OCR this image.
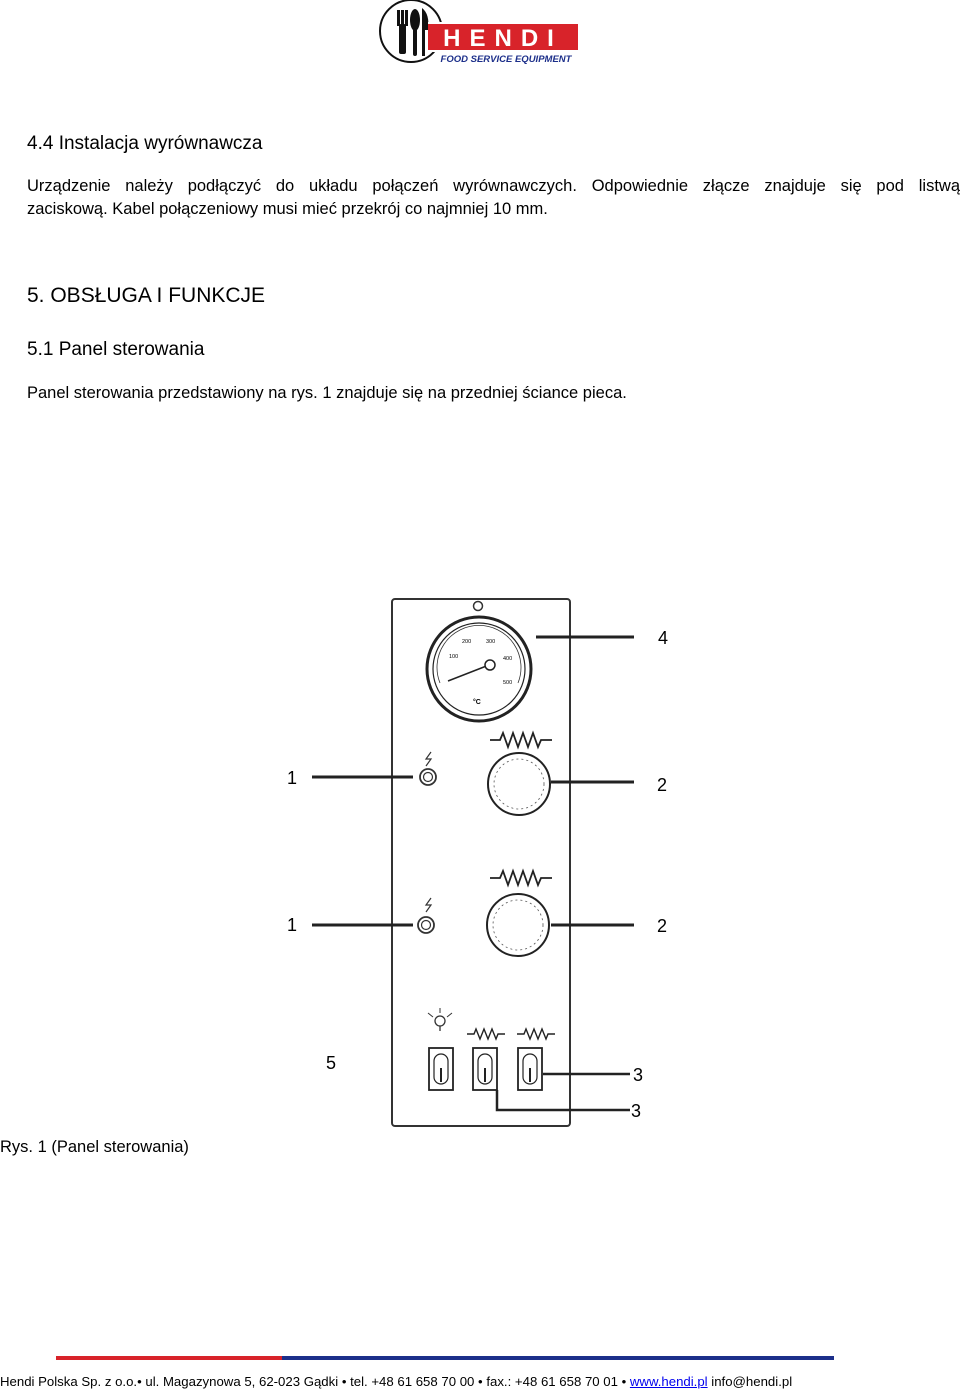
HENDI
FOOD SERVICE EQUIPMENT
4.4 Instalacja wyrównawcza
Urządzenie należy podłączyć do układu połączeń wyrównawczych. Odpowiednie złącze znajduje się pod listwą
zaciskową. Kabel połączeniowy musi mieć przekrój co najmniej 10 mm.
5. OBSŁUGA I FUNKCJE
5.1 Panel sterowania

Panel sterowania przedstawiony na rys. 1 znajduje się na przedniej ściance pieca.

100
200	300
400
500
°C
4
1	2
1	2
5
3
3
Rys. 1 (Panel sterowania)
Hendi Polska Sp. z o.o.• ul. Magazynowa 5, 62-023 Gądki • tel. +48 61 658 70 00 • fax.: +48 61 658 70 01 • www.hendi.pl info@hendi.pl
